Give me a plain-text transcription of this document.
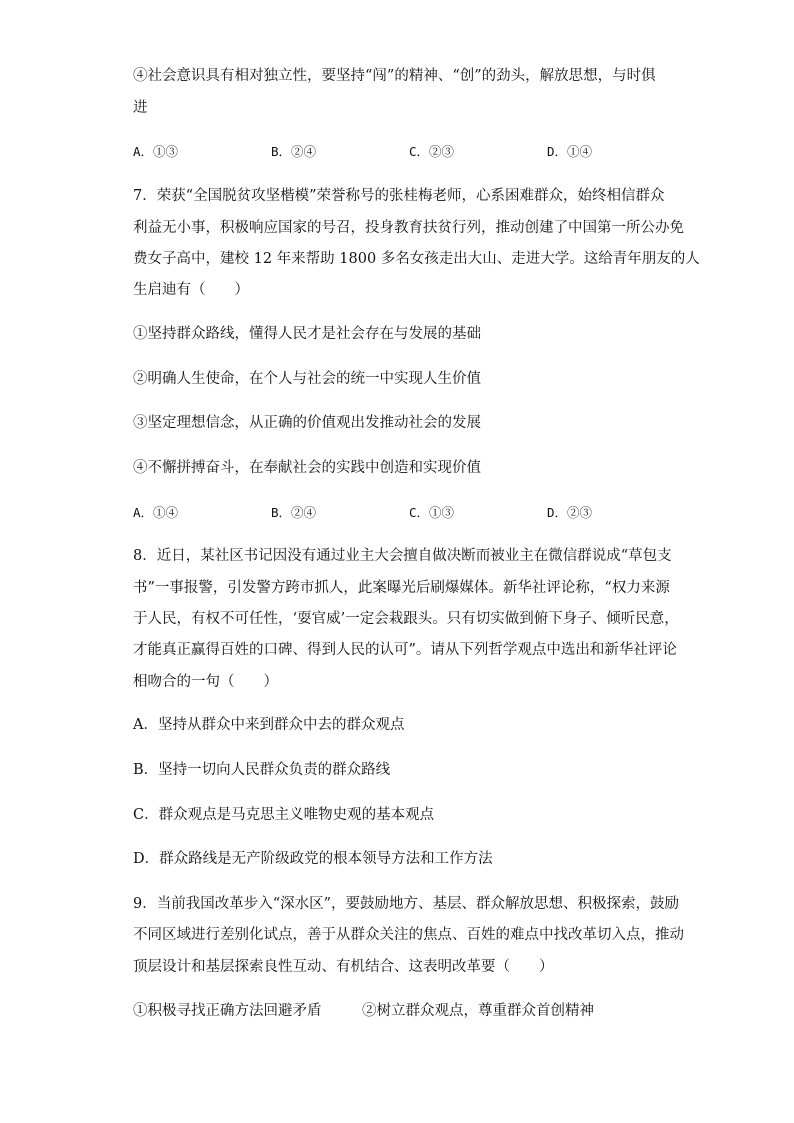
④社会意识具有相对独立性，要坚持“闯”的精神、“创”的劲头，解放思想，与时俱
进
A．①③	B．②④	C．②③	D．①④
7．荣获“全国脱贫攻坚楷模”荣誉称号的张桂梅老师，心系困难群众，始终相信群众
利益无小事，积极响应国家的号召，投身教育扶贫行列，推动创建了中国第一所公办免
费女子高中，建校 12 年来帮助 1800 多名女孩走出大山、走进大学。这给青年朋友的人
生启迪有（　　）
①坚持群众路线，懂得人民才是社会存在与发展的基础
②明确人生使命，在个人与社会的统一中实现人生价值
③坚定理想信念，从正确的价值观出发推动社会的发展
④不懈拼搏奋斗，在奉献社会的实践中创造和实现价值
A．①④	B．②④	C．①③	D．②③
8．近日，某社区书记因没有通过业主大会擅自做决断而被业主在微信群说成“草包支
书”一事报警，引发警方跨市抓人，此案曝光后刷爆媒体。新华社评论称，“权力来源
于人民，有权不可任性，‘耍官威’一定会栽跟头。只有切实做到俯下身子、倾听民意，
才能真正赢得百姓的口碑、得到人民的认可”。请从下列哲学观点中选出和新华社评论
相吻合的一句（　　）
A．坚持从群众中来到群众中去的群众观点
B．坚持一切向人民群众负责的群众路线
C．群众观点是马克思主义唯物史观的基本观点
D．群众路线是无产阶级政党的根本领导方法和工作方法
9．当前我国改革步入“深水区”，要鼓励地方、基层、群众解放思想、积极探索，鼓励
不同区域进行差别化试点，善于从群众关注的焦点、百姓的难点中找改革切入点，推动
顶层设计和基层探索良性互动、有机结合、这表明改革要（　　）
①积极寻找正确方法回避矛盾	②树立群众观点，尊重群众首创精神
